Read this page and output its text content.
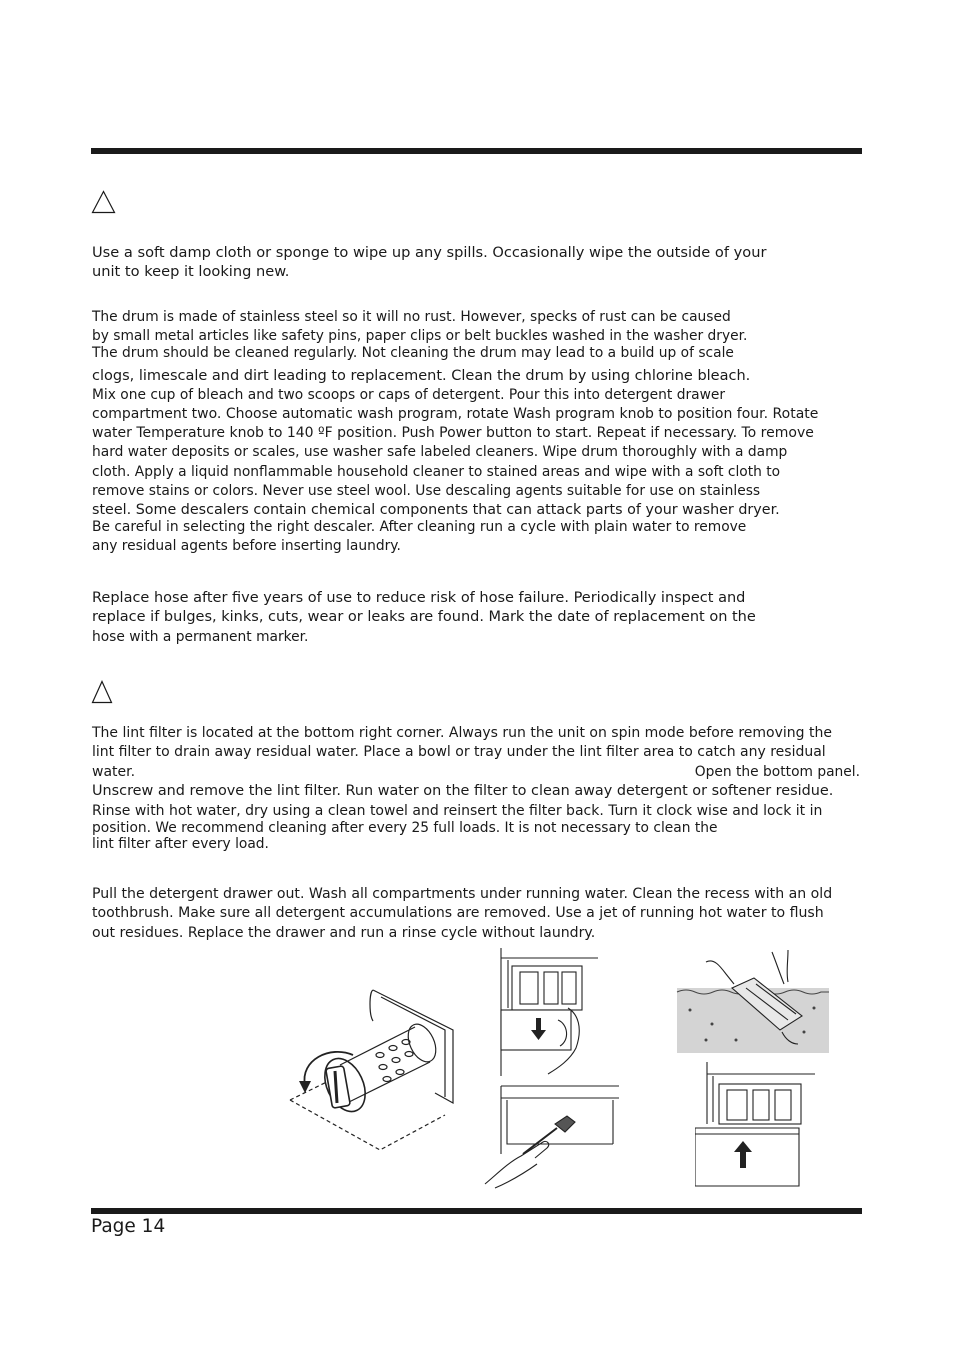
Use a soft damp cloth or sponge to wipe up any spills. Occasionally wipe the outside of your
unit to keep it looking new.
The drum is made of stainless steel so it will no rust. However, specks of rust can be caused
by small metal articles like safety pins, paper clips or belt buckles washed in the washer dryer.
The drum should be cleaned regularly. Not cleaning the drum may lead to a build up of scale
clogs, limescale and dirt leading to replacement. Clean the drum by using chlorine bleach.
Mix one cup of bleach and two scoops or caps of detergent. Pour this into detergent drawer
compartment two. Choose automatic wash program, rotate Wash program knob to position four. Rotate
water Temperature knob to 140 ºF position. Push Power button to start. Repeat if necessary. To remove
hard water deposits or scales, use washer safe labeled cleaners. Wipe drum thoroughly with a damp
cloth. Apply a liquid nonflammable household cleaner to stained areas and wipe with a soft cloth to
remove stains or colors. Never use steel wool. Use descaling agents suitable for use on stainless
steel. Some descalers contain chemical components that can attack parts of your washer dryer.
Be careful in selecting the right descaler. After cleaning run a cycle with plain water to remove
any residual agents before inserting laundry.
Replace hose after five years of use to reduce risk of hose failure. Periodically inspect and
replace if bulges, kinks, cuts, wear or leaks are found. Mark the date of replacement on the
hose with a permanent marker.
The lint filter is located at the bottom right corner. Always run the unit on spin mode before removing the
lint filter to drain away residual water. Place a bowl or tray under the lint filter area to catch any residual
water.	Open the bottom panel.
Unscrew and remove the lint filter. Run water on the filter to clean away detergent or softener residue.
Rinse with hot water, dry using a clean towel and reinsert the filter back. Turn it clock wise and lock it in
position. We recommend cleaning after every 25 full loads. It is not necessary to clean the
lint filter after every load.
Pull the detergent drawer out. Wash all compartments under running water. Clean the recess with an old
toothbrush. Make sure all detergent accumulations are removed. Use a jet of running hot water to flush
out residues. Replace the drawer and run a rinse cycle without laundry.
Page 14
